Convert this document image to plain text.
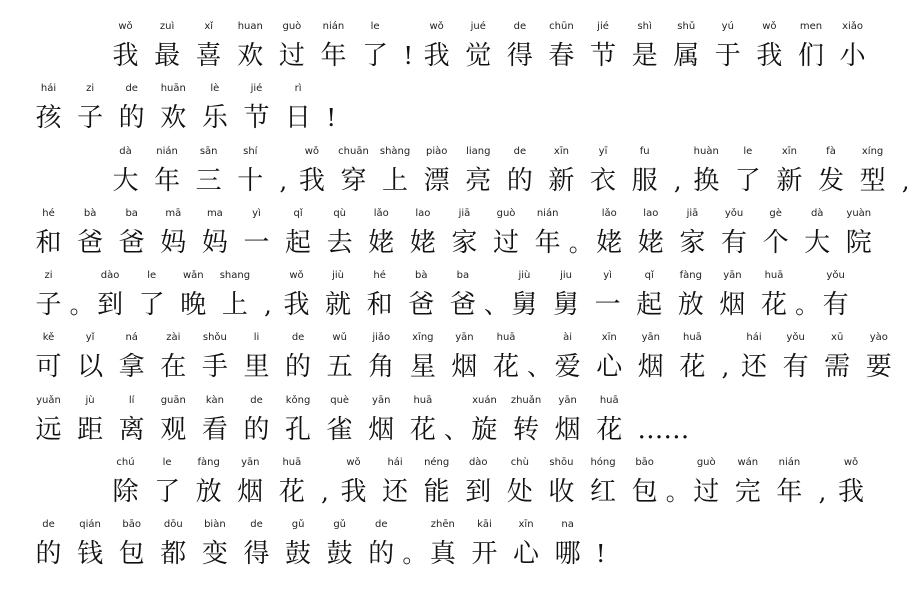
wǒ
我
zuì
最
xǐ
喜
huan
欢
guò
过
nián
年
le
了 !
wǒ
我
jué
觉
de
得
chūn
春
jié
节
shì
是
shǔ
属
yú
于
wǒ
我
men
们
xiǎo
小
hái
孩
zi
子
de
的
huān
欢
lè
乐
jié
节
rì
日 !
dà
大
nián
年
sān
三
shí
十 ,
wǒ
我
chuān
穿
shàng
上
piào
漂
liang
亮
de
的
xīn
新
yī
衣
fu
服 ,
huàn
换
le
了
xīn
新
fà
发
xíng
型 ,
hé
和
bà
爸
ba
爸
mā
妈
ma
妈
yì
一
qǐ
起
qù
去
lǎo
姥
lao
姥
jiā
家
guò
过
nián
年 。
lǎo
姥
lao
姥
jiā
家
yǒu
有
gè
个
dà
大
yuàn
院
zi
子 。
dào
到
le
了
wǎn
晚
shang
上 ,
wǒ
我
jiù
就
hé
和
bà
爸
ba
爸 、
jiù
舅
jiu
舅
yì
一
qǐ
起
fàng
放
yān
烟
huā
花 。
yǒu
有
kě
可
yǐ
以
ná
拿
zài
在
shǒu
手
li
里
de
的
wǔ
五
jiǎo
角
xīng
星
yān
烟
huā
花 、
ài
爱
xīn
心
yān
烟
huā
花 ,
hái
还
yǒu
有
xū
需
yào
要
yuǎn
远
jù
距
lí
离
guān
观
kàn
看
de
的
kǒng
孔
què
雀
yān
烟
huā
花 、
xuán
旋
zhuǎn
转
yān
烟
huā
花 ……
chú
除
le
了
fàng
放
yān
烟
huā
花 ,
wǒ
我
hái
还
néng
能
dào
到
chù
处
shōu
收
hóng
红
bāo
包 。
guò
过
wán
完
nián
年 ,
wǒ
我
de
的
qián
钱
bāo
包
dōu
都
biàn
变
de
得
gǔ
鼓
gǔ
鼓
de
的 。
zhēn
真
kāi
开
xīn
心
na
哪 !
